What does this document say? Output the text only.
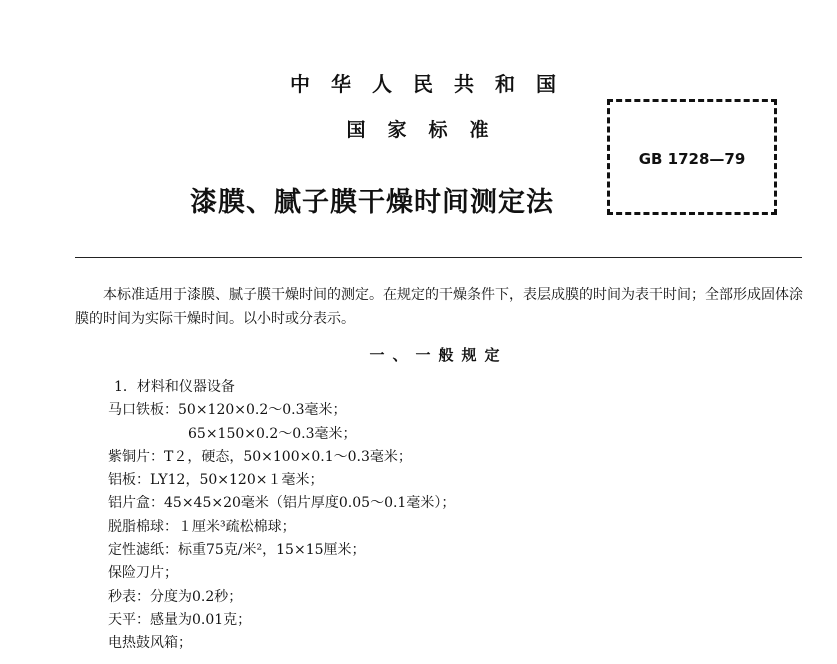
中华人民共和国
国家标准
漆膜、腻子膜干燥时间测定法
GB 1728—79
本标准适用于漆膜、腻子膜干燥时间的测定。在规定的干燥条件下，表层成膜的时间为表干时间；全部形成固体涂膜的时间为实际干燥时间。以小时或分表示。
一、一般规定
1．材料和仪器设备
马口铁板：50×120×0.2～0.3毫米；
65×150×0.2～0.3毫米；
紫铜片：T２，硬态，50×100×0.1～0.3毫米；
铝板：LY12，50×120×１毫米；
铝片盒：45×45×20毫米（铝片厚度0.05～0.1毫米）；
脱脂棉球：１厘米³疏松棉球；
定性滤纸：标重75克/米²，15×15厘米；
保险刀片；
秒表：分度为0.2秒；
天平：感量为0.01克；
电热鼓风箱；
